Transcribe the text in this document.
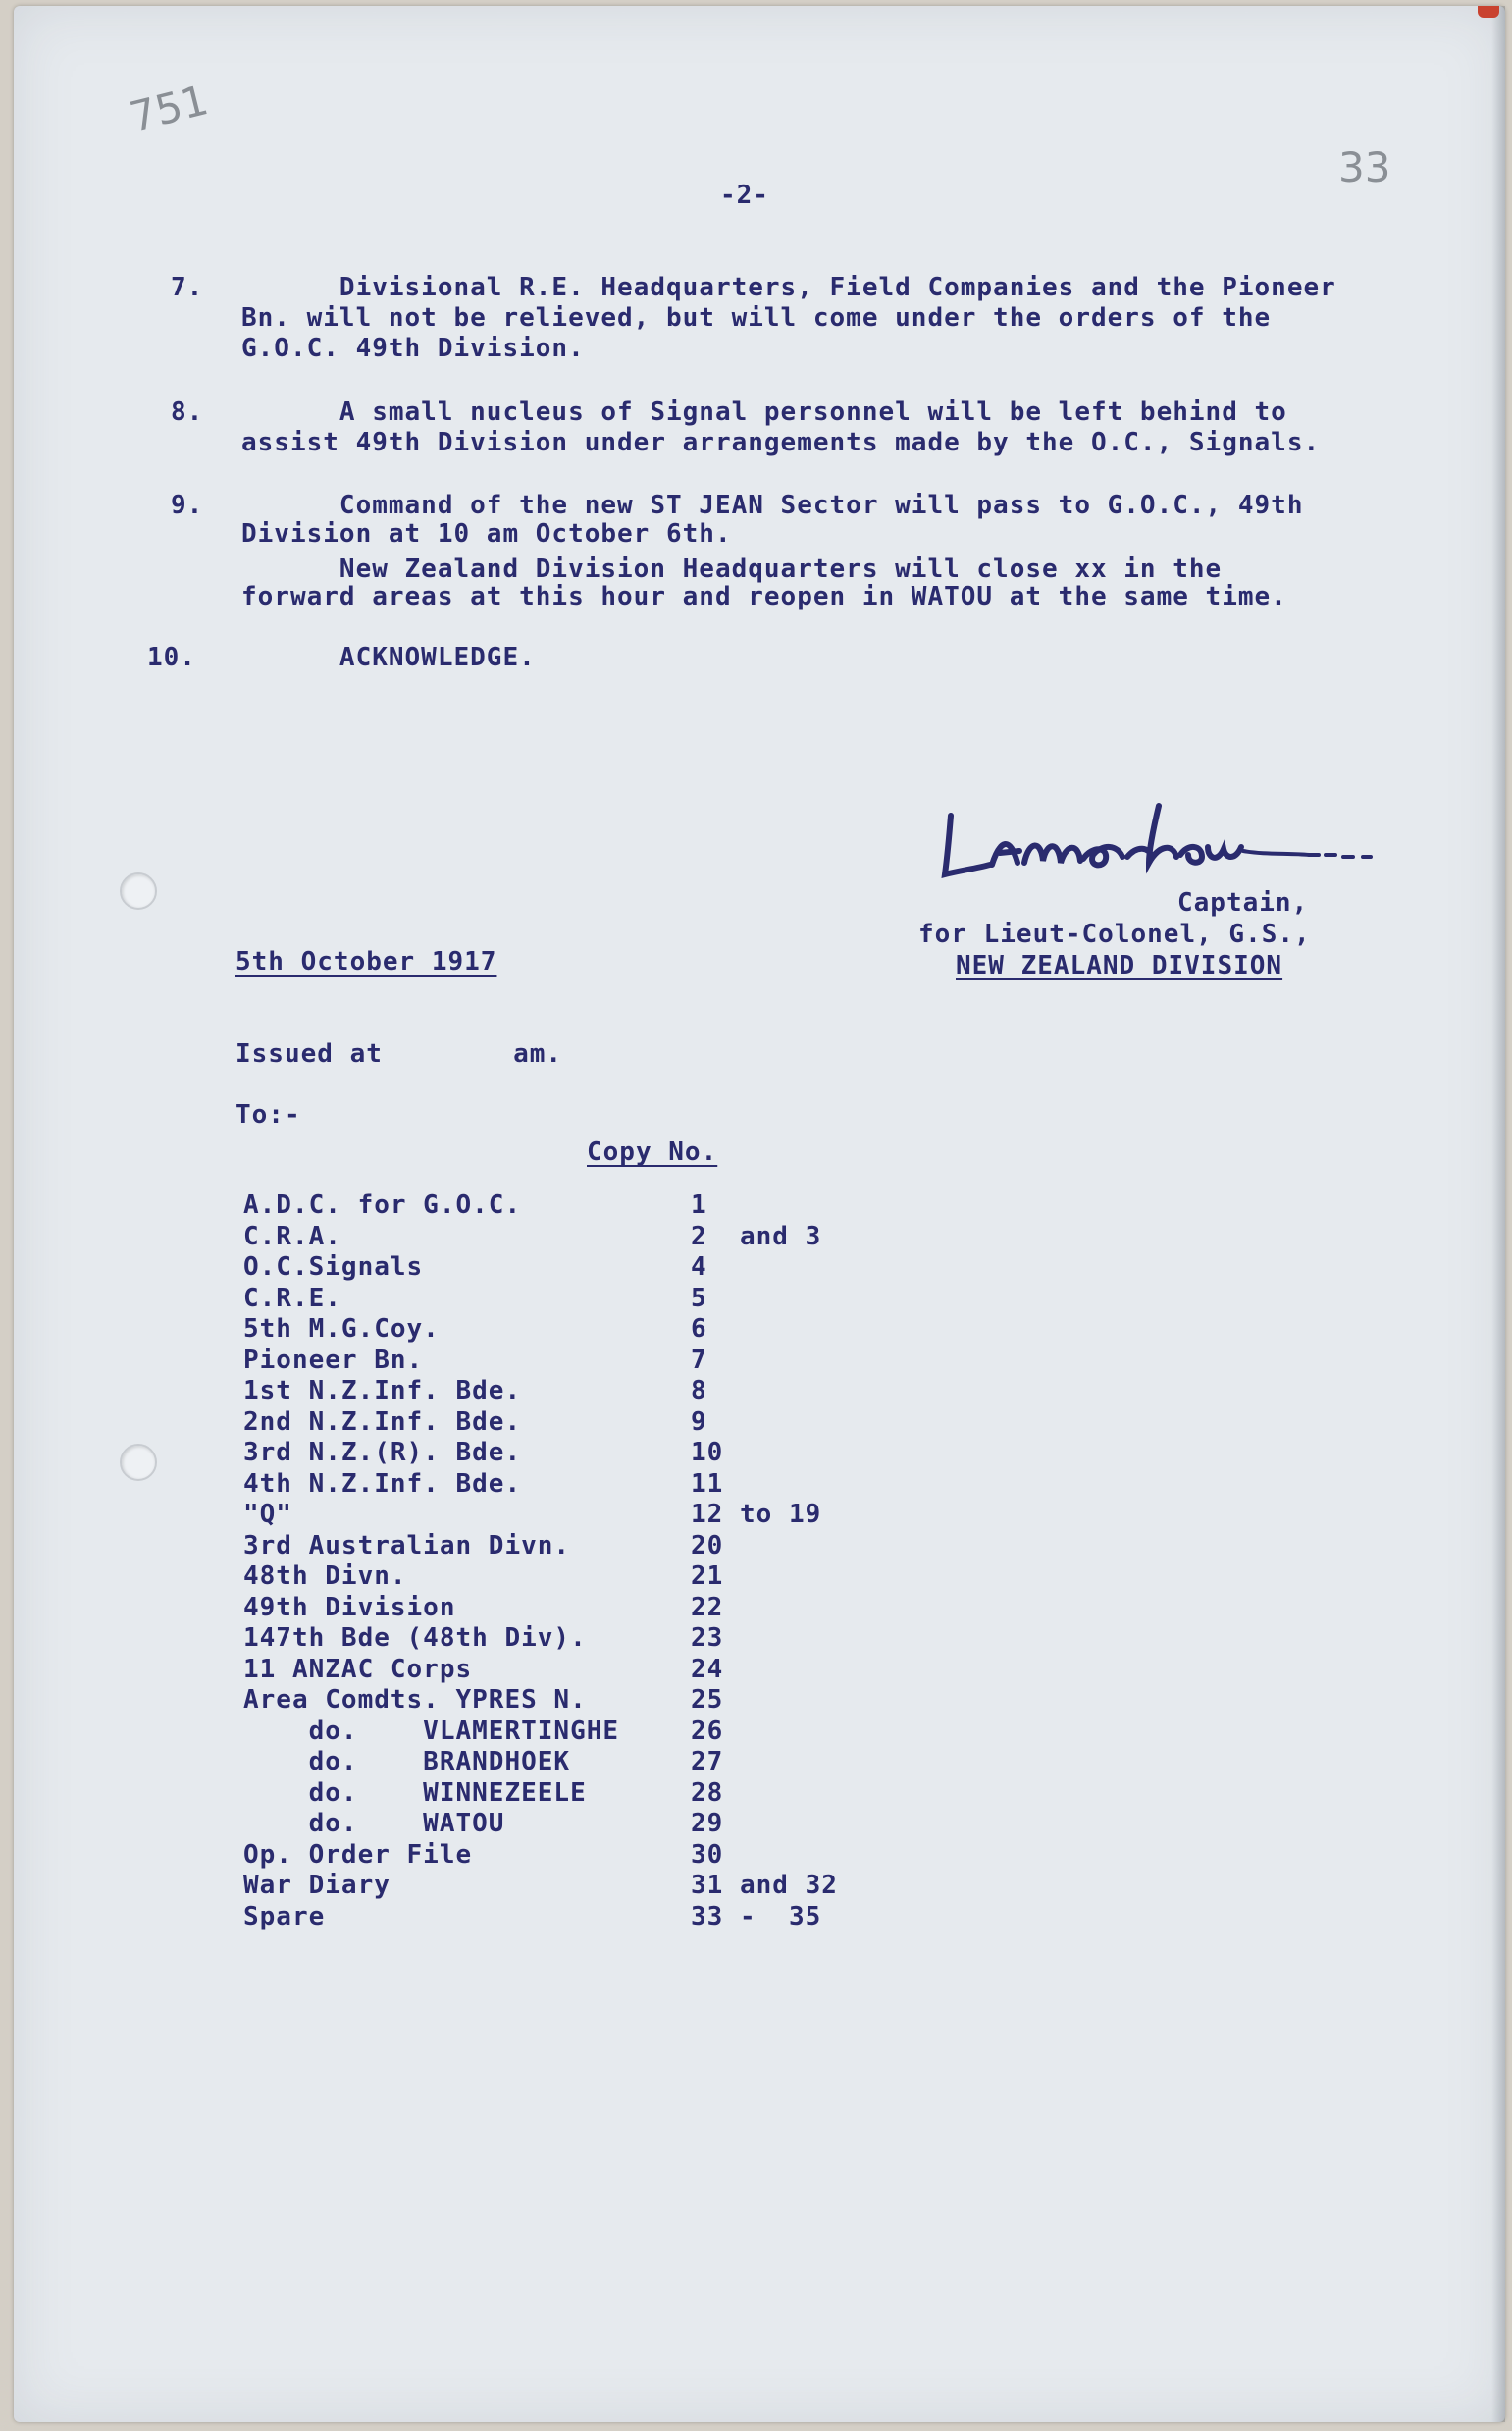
751
33
-2-
7. Divisional R.E. Headquarters, Field Companies and the Pioneer
Bn. will not be relieved, but will come under the orders of the
G.O.C. 49th Division.
8. A small nucleus of Signal personnel will be left behind to
assist 49th Division under arrangements made by the O.C., Signals.
9. Command of the new ST JEAN Sector will pass to G.O.C., 49th
Division at 10 am October 6th.
New Zealand Division Headquarters will close xx in the
forward areas at this hour and reopen in WATOU at the same time.
10. ACKNOWLEDGE.
Captain,
for Lieut-Colonel, G.S.,
NEW ZEALAND DIVISION
5th October 1917
Issued at        am.
To:-
Copy No.
A.D.C. for G.O.C.	1
C.R.A.	2 and 3
O.C.Signals	4
C.R.E.	5
5th M.G.Coy.	6
Pioneer Bn.	7
1st N.Z.Inf. Bde.	8
2nd N.Z.Inf. Bde.	9
3rd N.Z.(R). Bde.	10
4th N.Z.Inf. Bde.	11
"Q"	12 to 19
3rd Australian Divn.	20
48th Divn.	21
49th Division	22
147th Bde (48th Div).	23
11 ANZAC Corps	24
Area Comdts. YPRES N.	25
do.    VLAMERTINGHE	26
do.    BRANDHOEK	27
do.    WINNEZEELE	28
do.    WATOU	29
Op. Order File	30
War Diary	31 and 32
Spare	33 -  35
